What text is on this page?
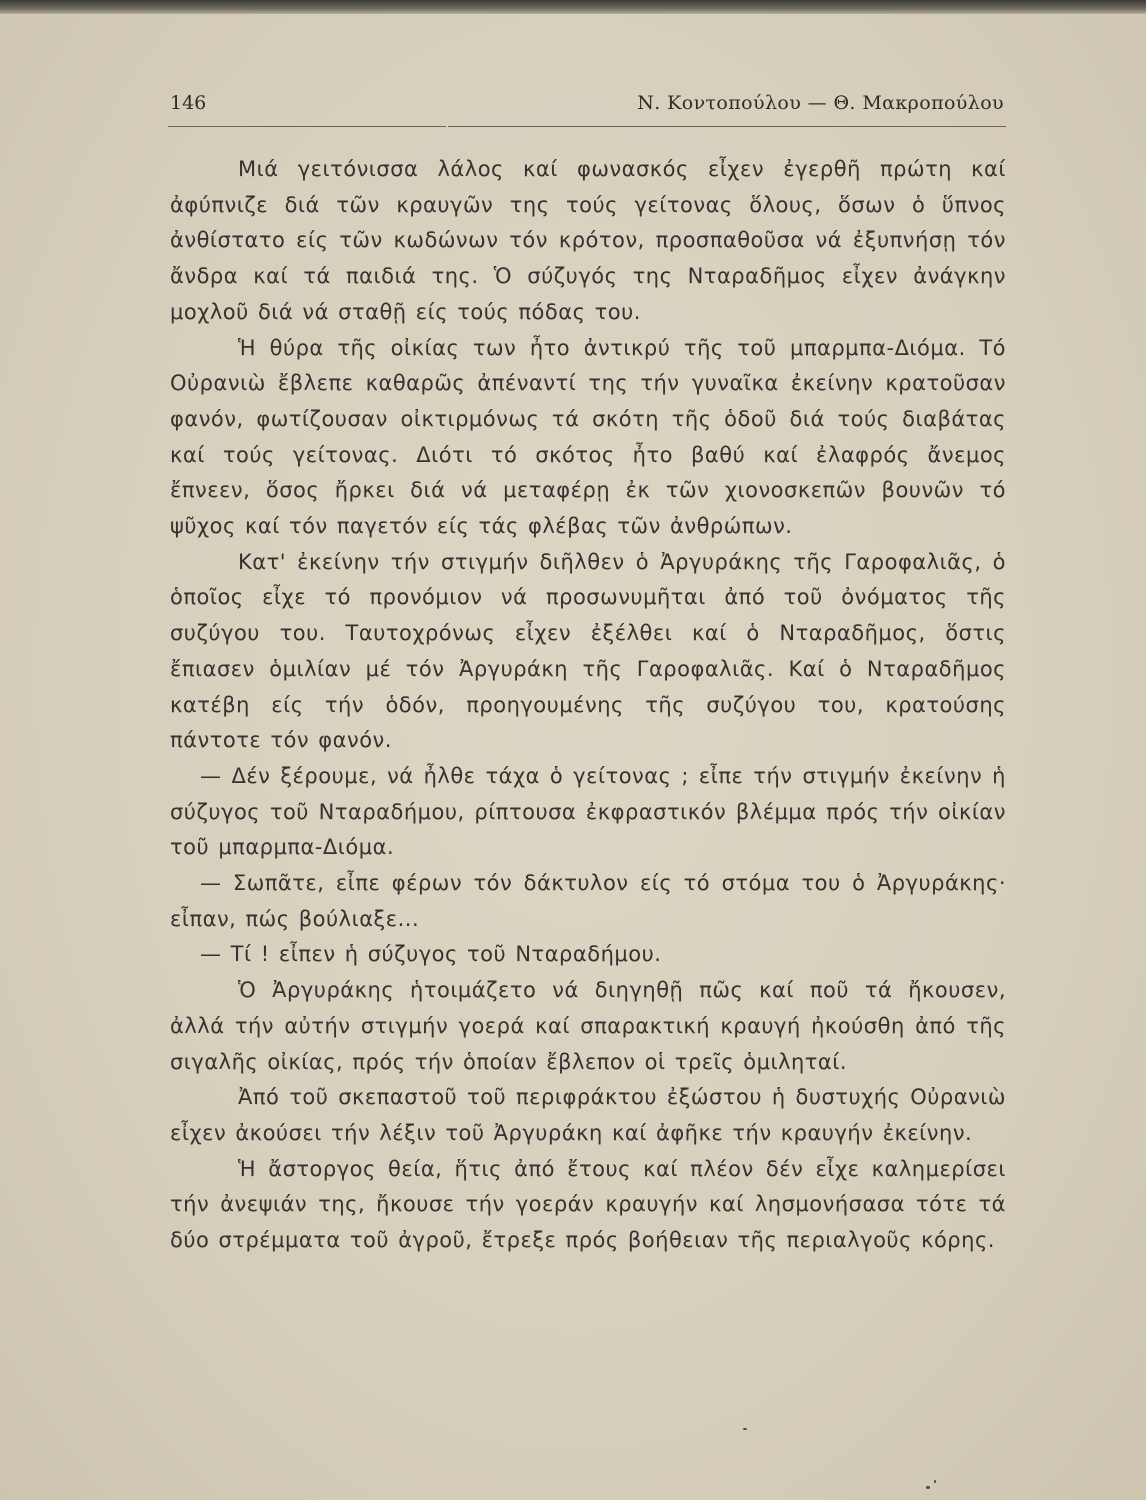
146	Ν. Κοντοπούλου — Θ. Μακροπούλου

Μιά γειτόνισσα λάλος καί φωνασκός εἶχεν ἐγερθῆ πρώτη καί ἀφύπνιζε διά τῶν κραυγῶν της τούς γείτονας ὅλους, ὅσων ὁ ὕπνος ἀνθίστατο είς τῶν κωδώνων τόν κρότον, προσπαθοῦσα νά ἐξυπνήσῃ τόν ἄνδρα καί τά παιδιά της. Ὁ σύζυγός της Νταραδῆμος εἶχεν ἀνάγκην μοχλοῦ διά νά σταθῇ είς τούς πόδας του.

Ἡ θύρα τῆς οἰκίας των ἦτο ἀντικρύ τῆς τοῦ μπαρμπα-Διόμα. Τό Οὐρανιὼ ἔβλεπε καθαρῶς ἀπέναντί της τήν γυναῖκα ἐκείνην κρατοῦσαν φανόν, φωτίζουσαν οἰκτιρμόνως τά σκότη τῆς ὁδοῦ διά τούς διαβάτας καί τούς γείτονας. Διότι τό σκότος ἦτο βαθύ καί ἐλαφρός ἄνεμος ἔπνεεν, ὅσος ἤρκει διά νά μεταφέρῃ ἐκ τῶν χιονοσκεπῶν βουνῶν τό ψῦχος καί τόν παγετόν είς τάς φλέβας τῶν ἀνθρώπων.

Κατ' ἐκείνην τήν στιγμήν διῆλθεν ὁ Ἀργυράκης τῆς Γαροφαλιᾶς, ὁ ὁποῖος εἶχε τό προνόμιον νά προσωνυμῆται ἀπό τοῦ ὀνόματος τῆς συζύγου του. Ταυτοχρόνως εἶχεν ἐξέλθει καί ὁ Νταραδῆμος, ὅστις ἔπιασεν ὁμιλίαν μέ τόν Ἀργυράκη τῆς Γαροφαλιᾶς. Καί ὁ Νταραδῆμος κατέβη είς τήν ὁδόν, προηγουμένης τῆς συζύγου του, κρατούσης πάντοτε τόν φανόν.

— Δέν ξέρουμε, νά ἦλθε τάχα ὁ γείτονας ; εἶπε τήν στιγμήν ἐκείνην ἡ σύζυγος τοῦ Νταραδήμου, ρίπτουσα ἐκφραστικόν βλέμμα πρός τήν οἰκίαν τοῦ μπαρμπα-Διόμα.

— Σωπᾶτε, εἶπε φέρων τόν δάκτυλον είς τό στόμα του ὁ Ἀργυράκης· εἶπαν, πώς βούλιαξε...

— Τί ! εἶπεν ἡ σύζυγος τοῦ Νταραδήμου.

Ὁ Ἀργυράκης ἡτοιμάζετο νά διηγηθῇ πῶς καί ποῦ τά ἤκουσεν, ἀλλά τήν αὐτήν στιγμήν γοερά καί σπαρακτική κραυγή ἠκούσθη ἀπό τῆς σιγαλῆς οἰκίας, πρός τήν ὁποίαν ἔβλεπον οἱ τρεῖς ὁμιληταί.

Ἀπό τοῦ σκεπαστοῦ τοῦ περιφράκτου ἐξώστου ἡ δυστυχής Οὐρανιὼ εἶχεν ἀκούσει τήν λέξιν τοῦ Ἀργυράκη καί ἀφῆκε τήν κραυγήν ἐκείνην.

Ἡ ἄστοργος θεία, ἥτις ἀπό ἔτους καί πλέον δέν εἶχε καλημερίσει τήν ἀνεψιάν της, ἤκουσε τήν γοεράν κραυγήν καί λησμονήσασα τότε τά δύο στρέμματα τοῦ ἀγροῦ, ἔτρεξε πρός βοήθειαν τῆς περιαλγοῦς κόρης.
